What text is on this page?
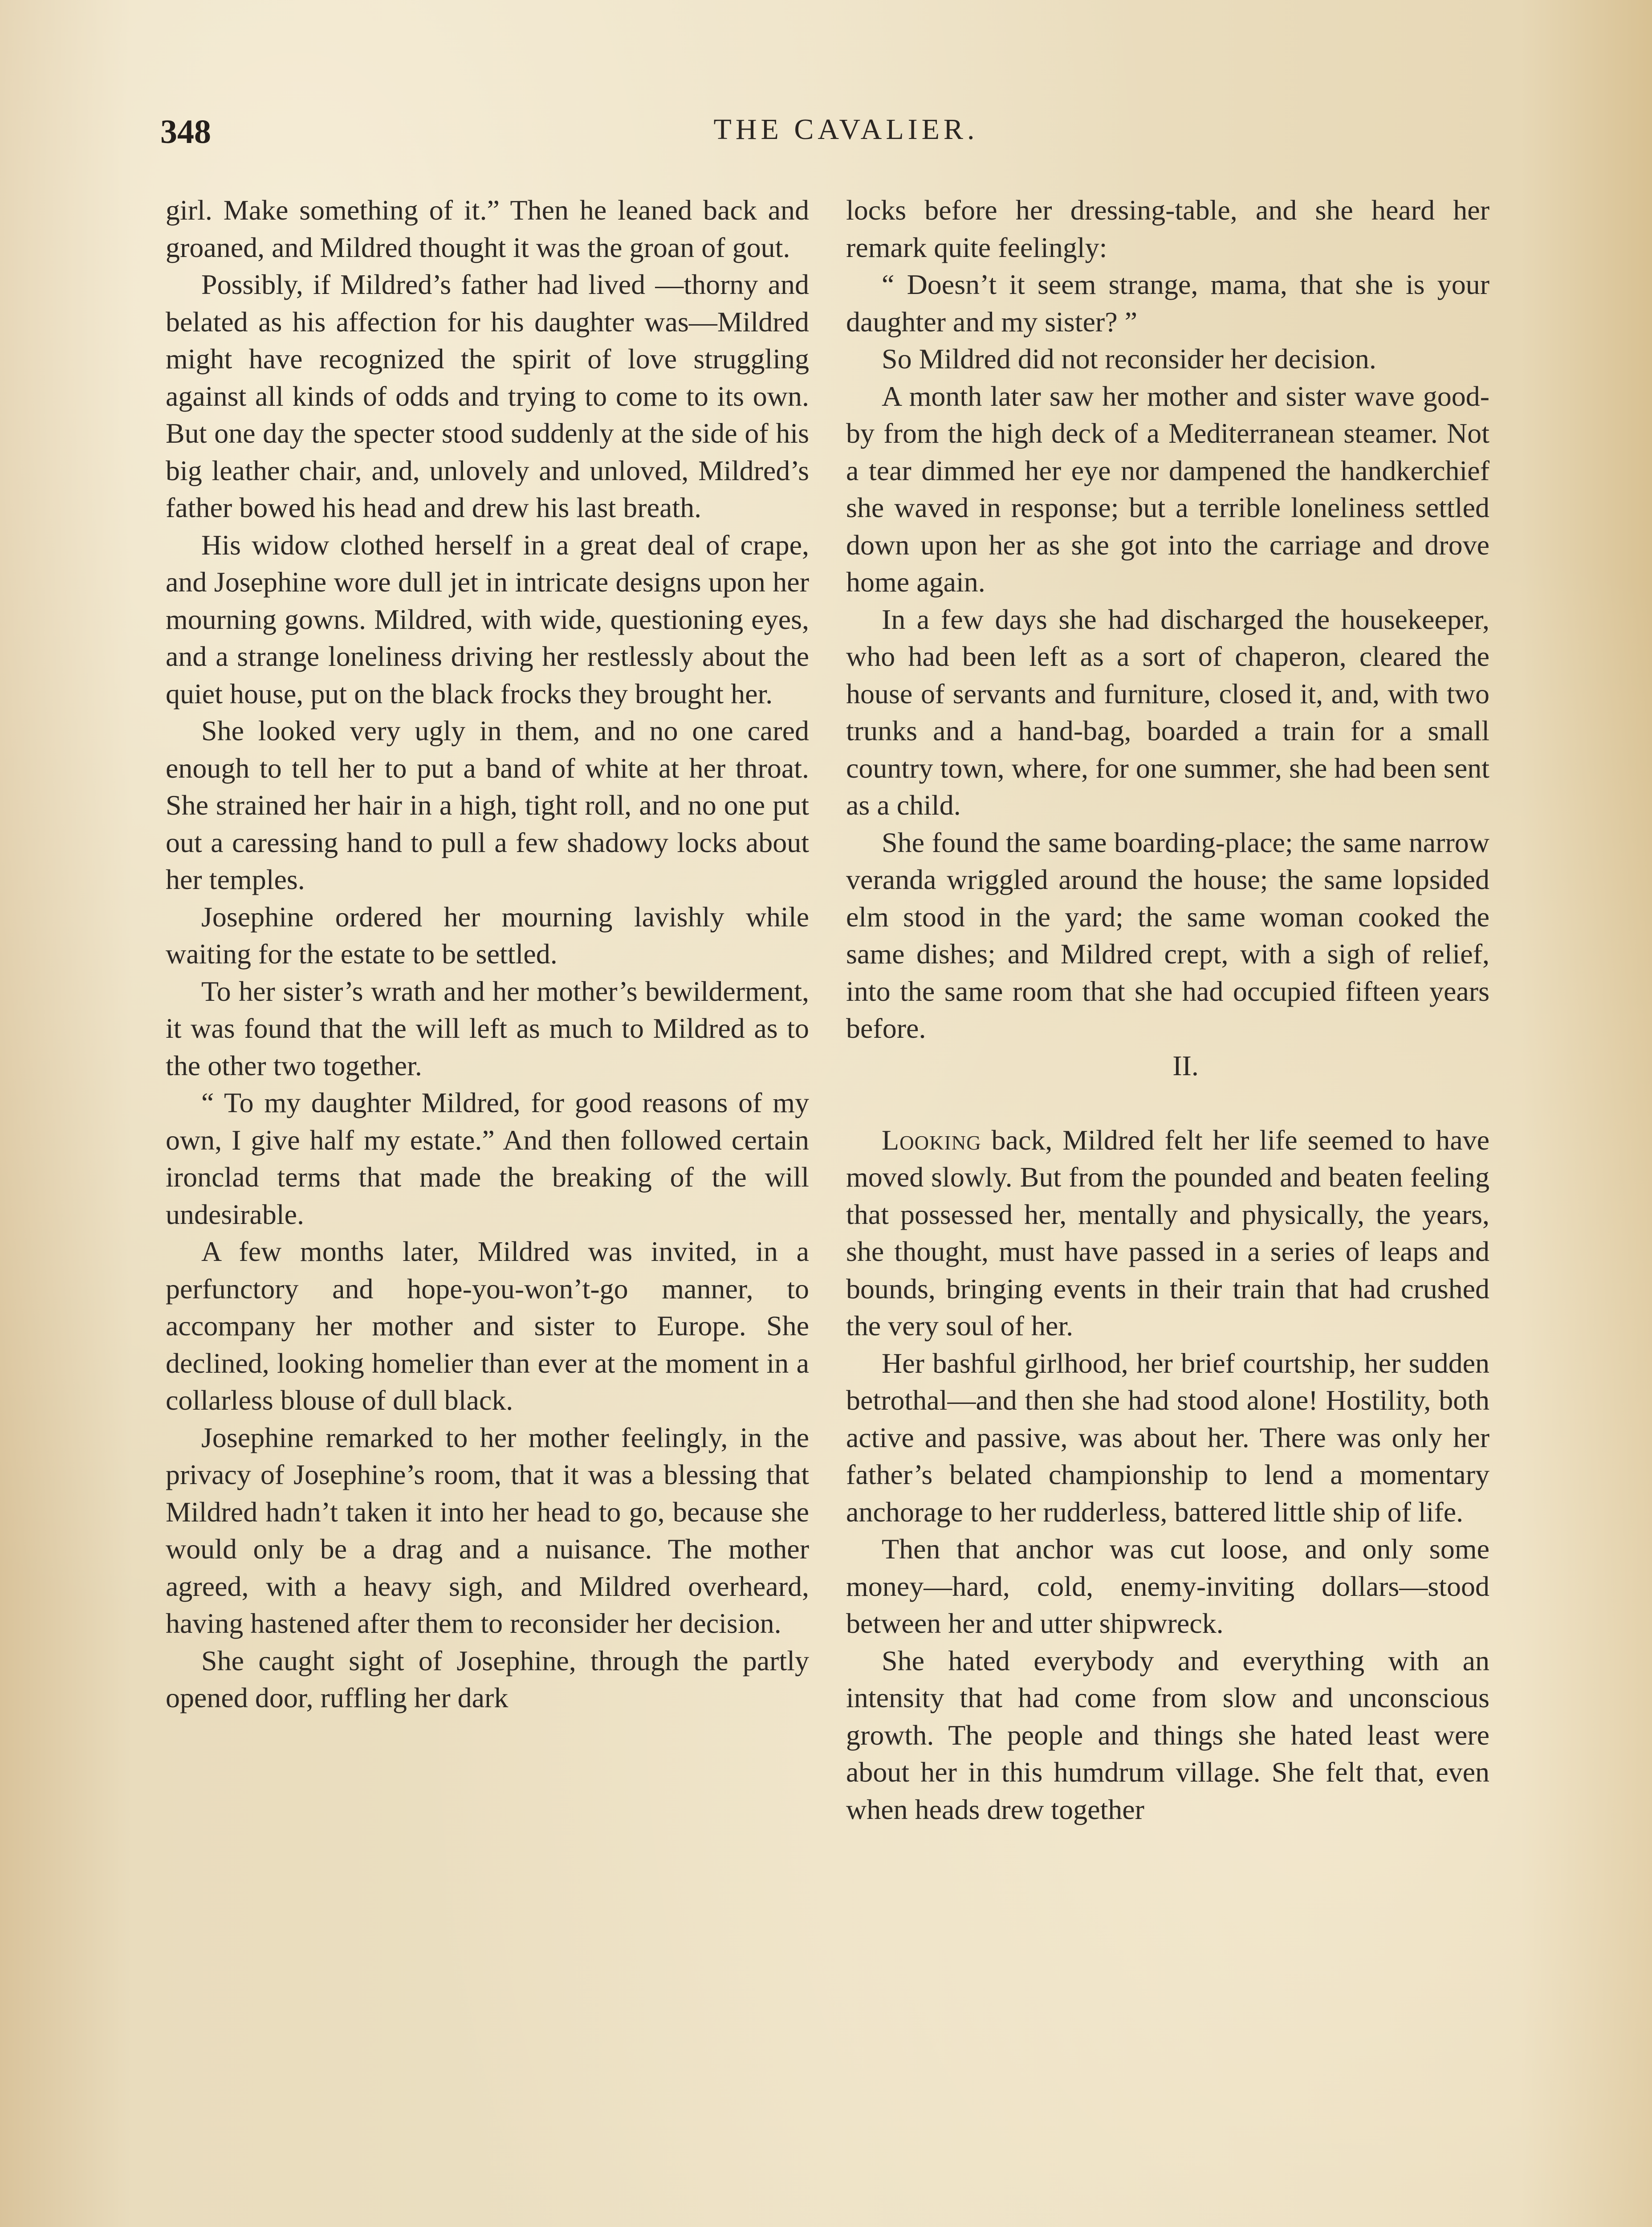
348	THE CAVALIER.

girl. Make something of it.” Then he leaned back and groaned, and Mildred thought it was the groan of gout.

Possibly, if Mildred’s father had lived —thorny and belated as his affection for his daughter was—Mildred might have recognized the spirit of love struggling against all kinds of odds and trying to come to its own. But one day the specter stood suddenly at the side of his big leather chair, and, unlovely and unloved, Mildred’s father bowed his head and drew his last breath.

His widow clothed herself in a great deal of crape, and Josephine wore dull jet in intricate designs upon her mourning gowns. Mildred, with wide, questioning eyes, and a strange loneliness driving her restlessly about the quiet house, put on the black frocks they brought her.

She looked very ugly in them, and no one cared enough to tell her to put a band of white at her throat. She strained her hair in a high, tight roll, and no one put out a caressing hand to pull a few shadowy locks about her temples.

Josephine ordered her mourning lavishly while waiting for the estate to be settled.

To her sister’s wrath and her mother’s bewilderment, it was found that the will left as much to Mildred as to the other two together.

“ To my daughter Mildred, for good reasons of my own, I give half my estate.” And then followed certain ironclad terms that made the breaking of the will undesirable.

A few months later, Mildred was invited, in a perfunctory and hope-you-won’t-go manner, to accompany her mother and sister to Europe. She declined, looking homelier than ever at the moment in a collarless blouse of dull black.

Josephine remarked to her mother feelingly, in the privacy of Josephine’s room, that it was a blessing that Mildred hadn’t taken it into her head to go, because she would only be a drag and a nuisance. The mother agreed, with a heavy sigh, and Mildred overheard, having hastened after them to reconsider her decision.

She caught sight of Josephine, through the partly opened door, ruffling her dark

locks before her dressing-table, and she heard her remark quite feelingly:

“ Doesn’t it seem strange, mama, that she is your daughter and my sister? ”

So Mildred did not reconsider her decision.

A month later saw her mother and sister wave good-by from the high deck of a Mediterranean steamer. Not a tear dimmed her eye nor dampened the handkerchief she waved in response; but a terrible loneliness settled down upon her as she got into the carriage and drove home again.

In a few days she had discharged the housekeeper, who had been left as a sort of chaperon, cleared the house of servants and furniture, closed it, and, with two trunks and a hand-bag, boarded a train for a small country town, where, for one summer, she had been sent as a child.

She found the same boarding-place; the same narrow veranda wriggled around the house; the same lopsided elm stood in the yard; the same woman cooked the same dishes; and Mildred crept, with a sigh of relief, into the same room that she had occupied fifteen years before.

II.

Looking back, Mildred felt her life seemed to have moved slowly. But from the pounded and beaten feeling that possessed her, mentally and physically, the years, she thought, must have passed in a series of leaps and bounds, bringing events in their train that had crushed the very soul of her.

Her bashful girlhood, her brief courtship, her sudden betrothal—and then she had stood alone! Hostility, both active and passive, was about her. There was only her father’s belated championship to lend a momentary anchorage to her rudderless, battered little ship of life.

Then that anchor was cut loose, and only some money—hard, cold, enemy-inviting dollars—stood between her and utter shipwreck.

She hated everybody and everything with an intensity that had come from slow and unconscious growth. The people and things she hated least were about her in this humdrum village. She felt that, even when heads drew together
